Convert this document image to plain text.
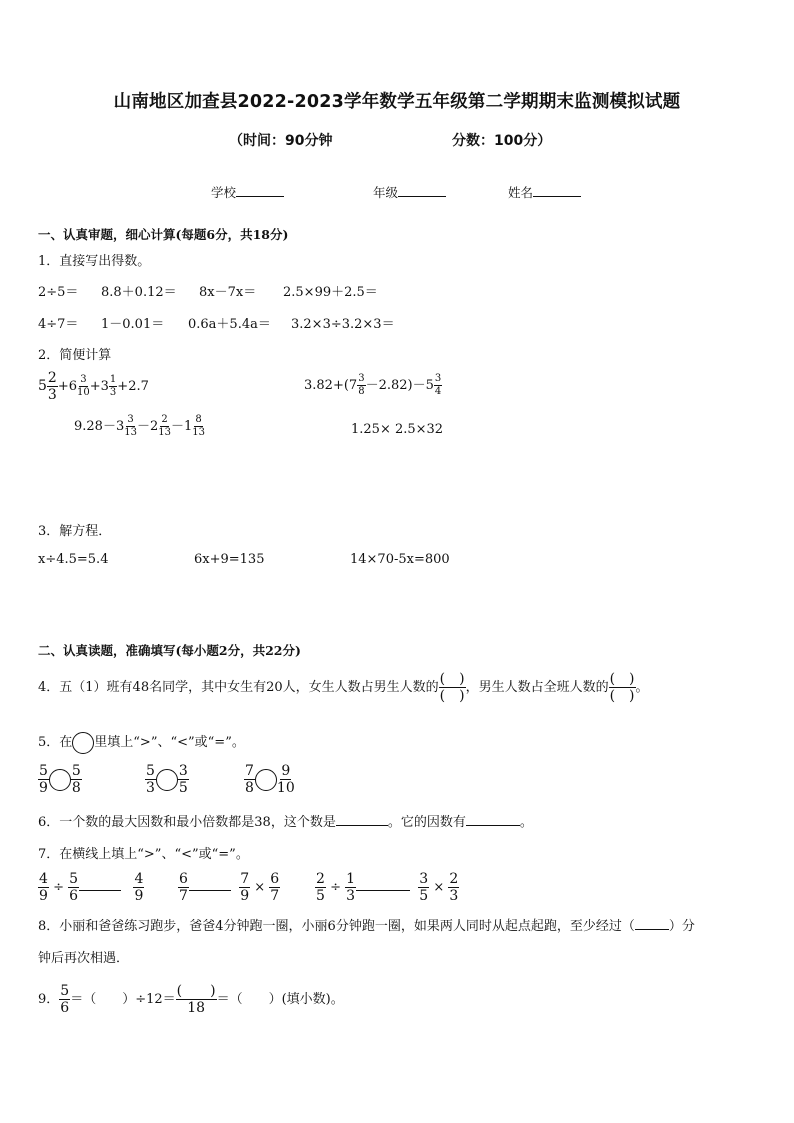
山南地区加查县2022-2023学年数学五年级第二学期期末监测模拟试题
（时间：90分钟	分数：100分）
学校	年级	姓名
一、认真审题，细心计算(每题6分，共18分)
1．直接写出得数。
2÷5＝ 8.8＋0.12＝ 8x－7x＝ 2.5×99＋2.5＝
4÷7＝ 1－0.01＝ 0.6a＋5.4a＝ 3.2×3÷3.2×3＝
2．简便计算
$5 \frac{2}{3} +6 \frac{3}{10} +3 \frac{1}{3} +2.7$	$3.82+(7 \frac{3}{8} -2.82)-5 \frac{3}{4}$
$9.28-3 \frac{3}{13} -2 \frac{2}{13} -1 \frac{8}{13}$	1.25× 2.5×32
3．解方程．
x÷4.5=5.4	6x+9=135	14×70-5x=800
二、认真读题，准确填写(每小题2分，共22分)
4．五（1）班有48名同学，其中女生有20人，女生人数占男生人数的 $\frac{( )}{( )}$ ，男生人数占全班人数的 $\frac{( )}{( )}$ 。
5．在 里填上“>”、“<”或“=”。
$\frac{5}{9} \frac{5}{8}$	$\frac{5}{3} \frac{3}{5}$	$\frac{7}{8} \frac{9}{10}$
6．一个数的最大因数和最小倍数都是38，这个数是	。它的因数有	。
7．在横线上填上“>”、“<”或“=”。
$\frac{4}{9} \div \frac{5}{6}$
	$\frac{4}{9} \frac{6}{7}$
	$\frac{7}{9} \times \frac{6}{7} \frac{2}{5} \div \frac{1}{3}$
	$\frac{3}{5} \times \frac{2}{3}$
8．小丽和爸爸练习跑步，爸爸4分钟跑一圈，小丽6分钟跑一圈，如果两人同时从起点起跑，至少经过（	）分
钟后再次相遇．
9． $\frac{5}{6}$ ＝（　　）$\div 12= \frac{( )}{18}$ ＝（　　）(填小数)。
